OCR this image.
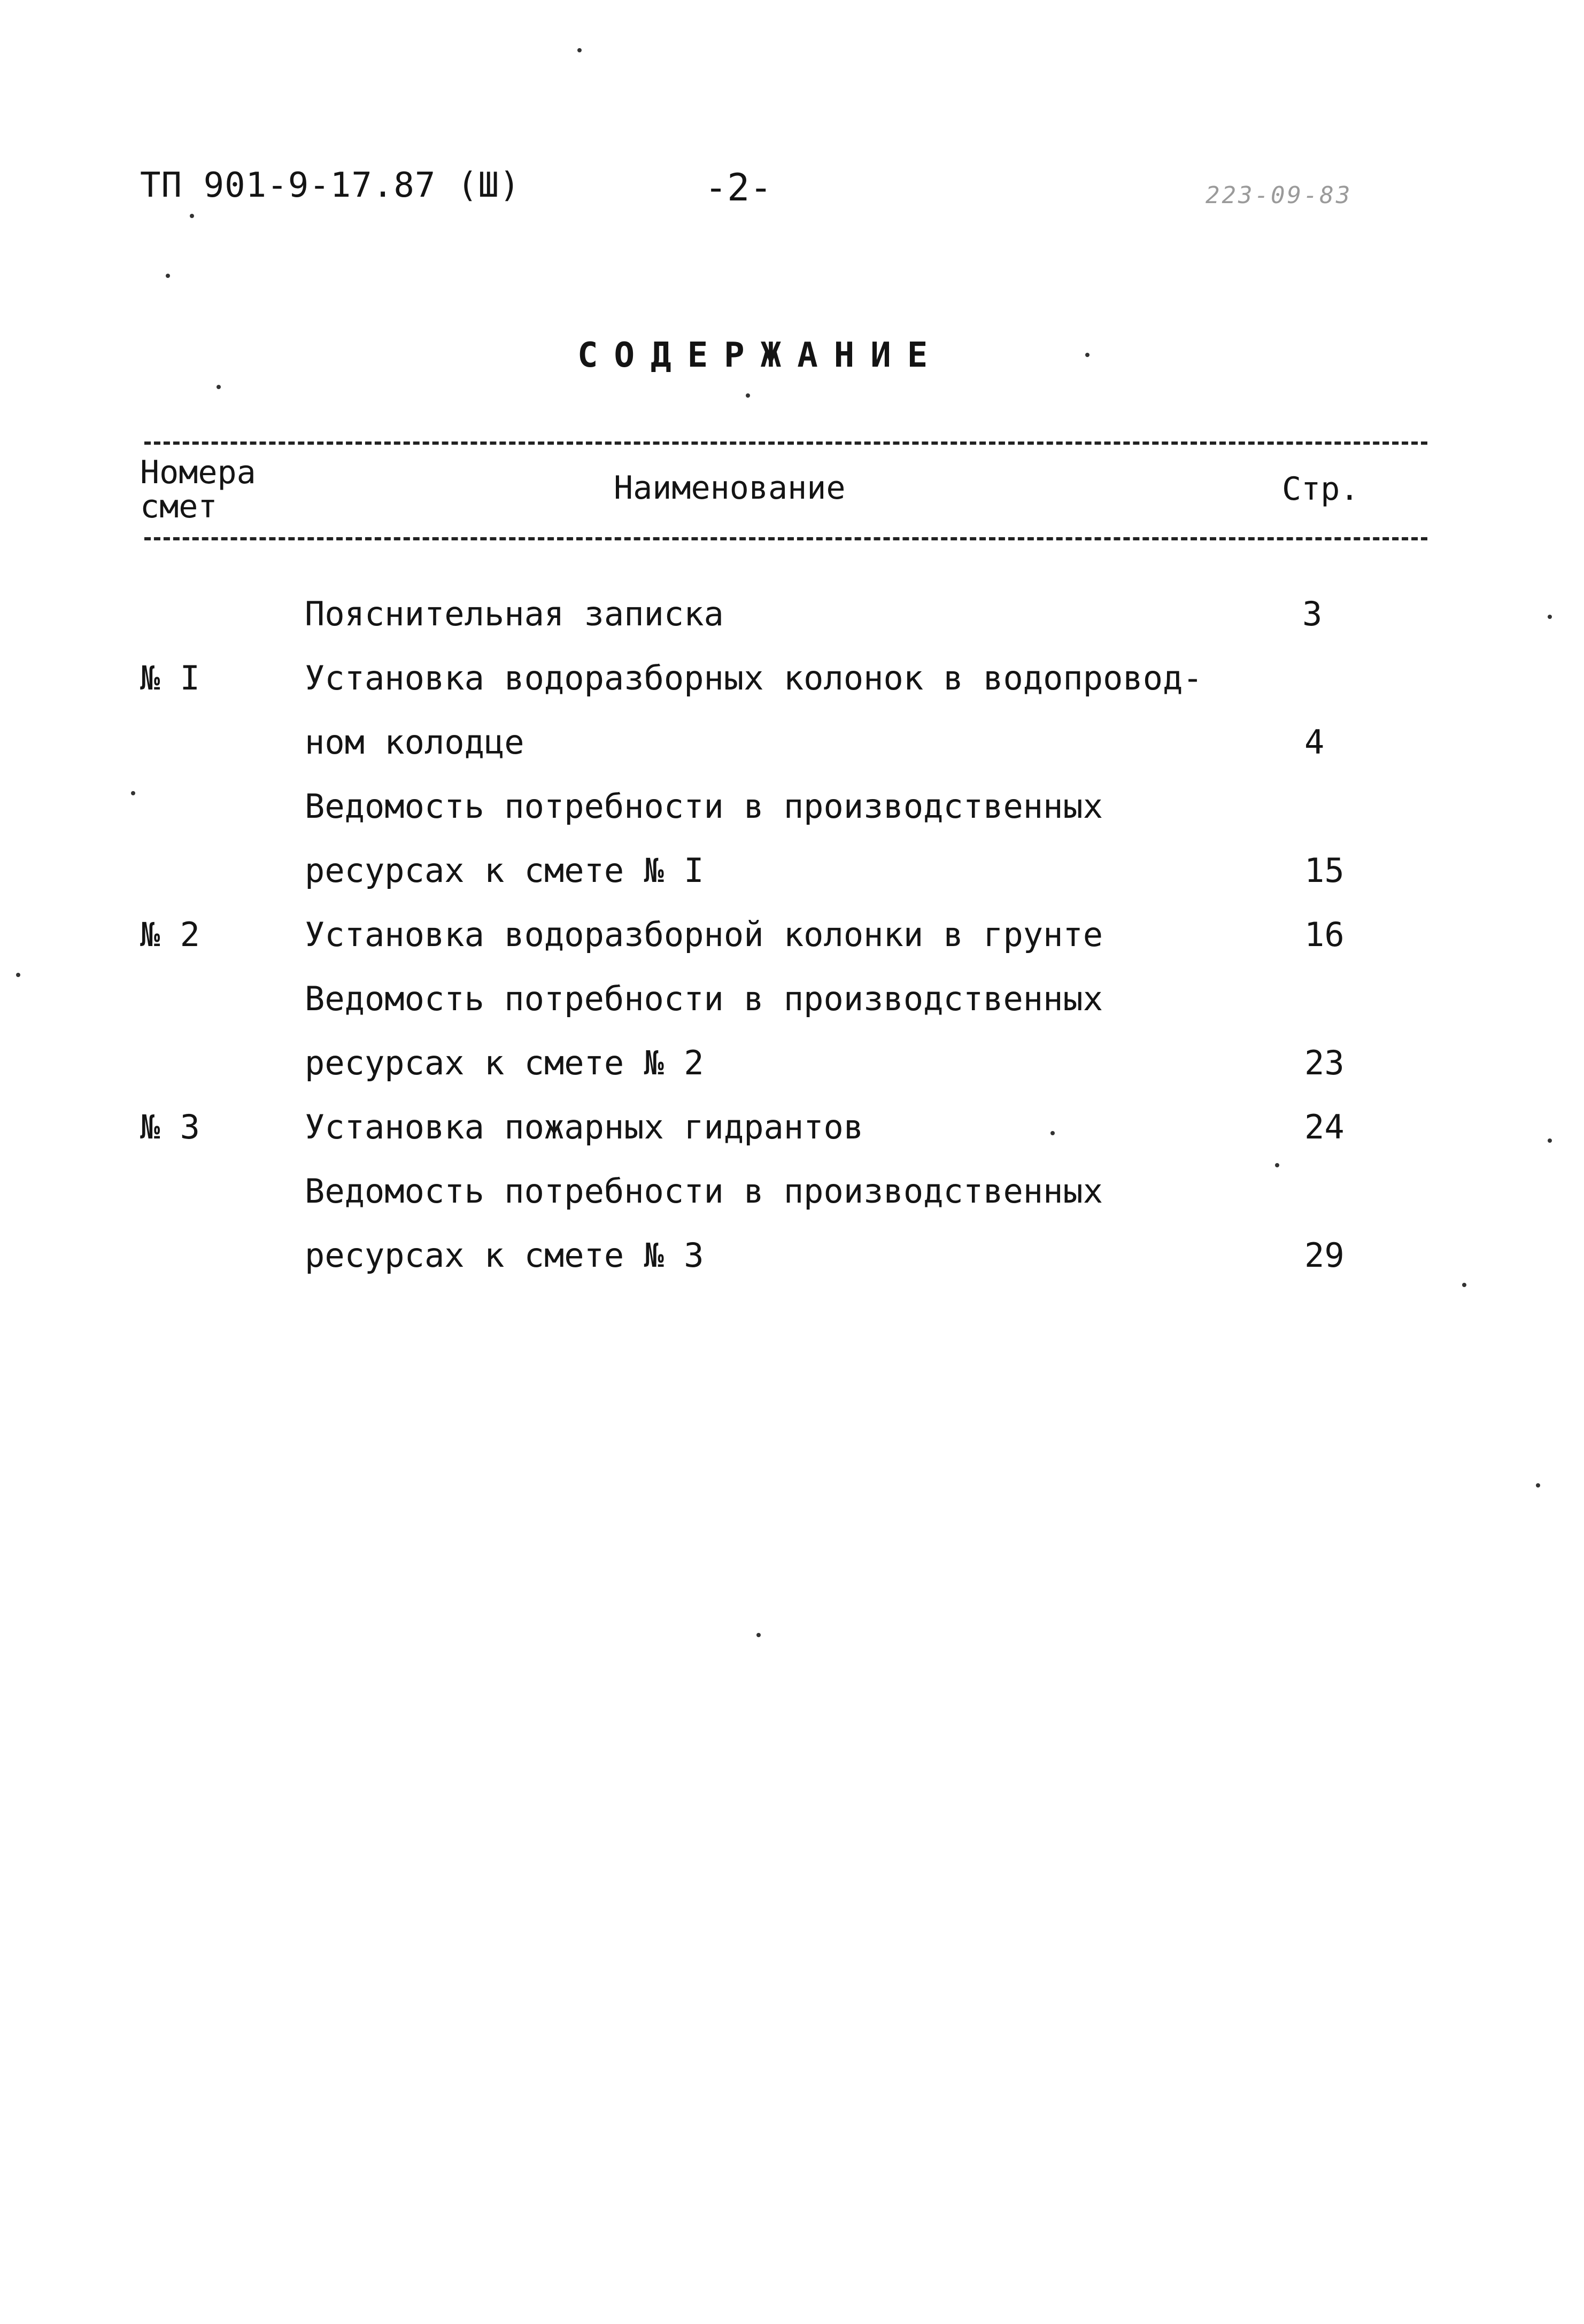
ТП 901-9-17.87 (Ш)	-2-	223-09-83
СОДЕРЖАНИЕ
Номера смет	Наименование	Стр.
Пояснительная записка	3
№ I	Установка водоразборных колонок в водопровод-
ном колодце	4
Ведомость потребности в производственных
ресурсах к смете № I	15
№ 2	Установка водоразборной колонки в грунте	16
Ведомость потребности в производственных
ресурсах к смете № 2	23
№ 3	Установка пожарных гидрантов	24
Ведомость потребности в производственных
ресурсах к смете № 3	29
